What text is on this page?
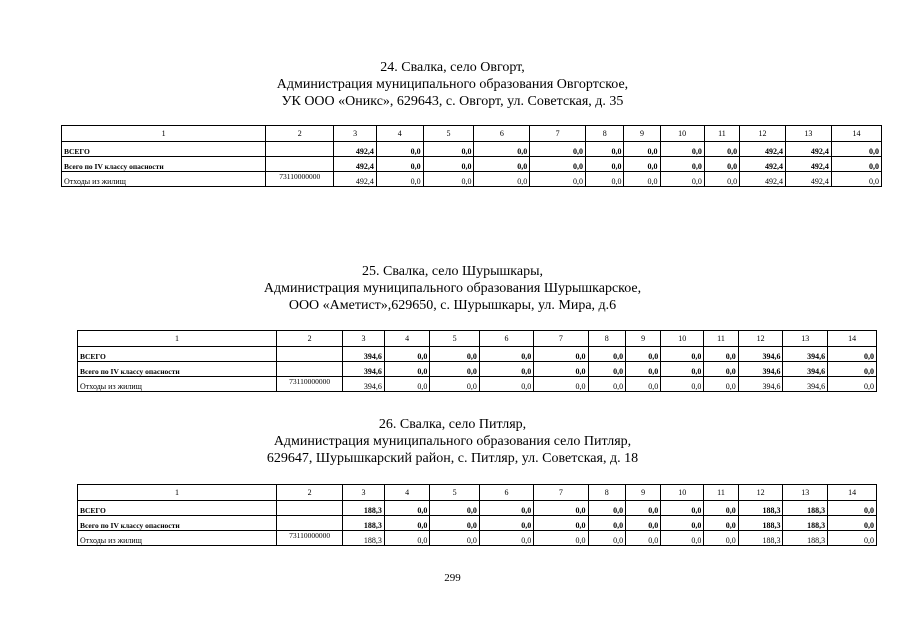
24. Свалка, село Овгорт,
Администрация муниципального образования Овгортское,
УК ООО «Оникс», 629643, с. Овгорт, ул. Советская, д. 35
1	2	3	4	5	6	7	8	9	10	11	12	13	14
ВСЕГО		492,4	0,0	0,0	0,0	0,0	0,0	0,0	0,0	0,0	492,4	492,4	0,0
Всего по IV классу опасности		492,4	0,0	0,0	0,0	0,0	0,0	0,0	0,0	0,0	492,4	492,4	0,0
Отходы из жилищ	73110000000	492,4	0,0	0,0	0,0	0,0	0,0	0,0	0,0	0,0	492,4	492,4	0,0
25. Свалка, село Шурышкары,
Администрация муниципального образования Шурышкарское,
ООО «Аметист»,629650, с. Шурышкары, ул. Мира, д.6
1	2	3	4	5	6	7	8	9	10	11	12	13	14
ВСЕГО		394,6	0,0	0,0	0,0	0,0	0,0	0,0	0,0	0,0	394,6	394,6	0,0
Всего по IV классу опасности		394,6	0,0	0,0	0,0	0,0	0,0	0,0	0,0	0,0	394,6	394,6	0,0
Отходы из жилищ	73110000000	394,6	0,0	0,0	0,0	0,0	0,0	0,0	0,0	0,0	394,6	394,6	0,0
26. Свалка, село Питляр,
Администрация муниципального образования село Питляр,
629647, Шурышкарский район, с. Питляр, ул. Советская, д. 18
1	2	3	4	5	6	7	8	9	10	11	12	13	14
ВСЕГО		188,3	0,0	0,0	0,0	0,0	0,0	0,0	0,0	0,0	188,3	188,3	0,0
Всего по IV классу опасности		188,3	0,0	0,0	0,0	0,0	0,0	0,0	0,0	0,0	188,3	188,3	0,0
Отходы из жилищ	73110000000	188,3	0,0	0,0	0,0	0,0	0,0	0,0	0,0	0,0	188,3	188,3	0,0
299
